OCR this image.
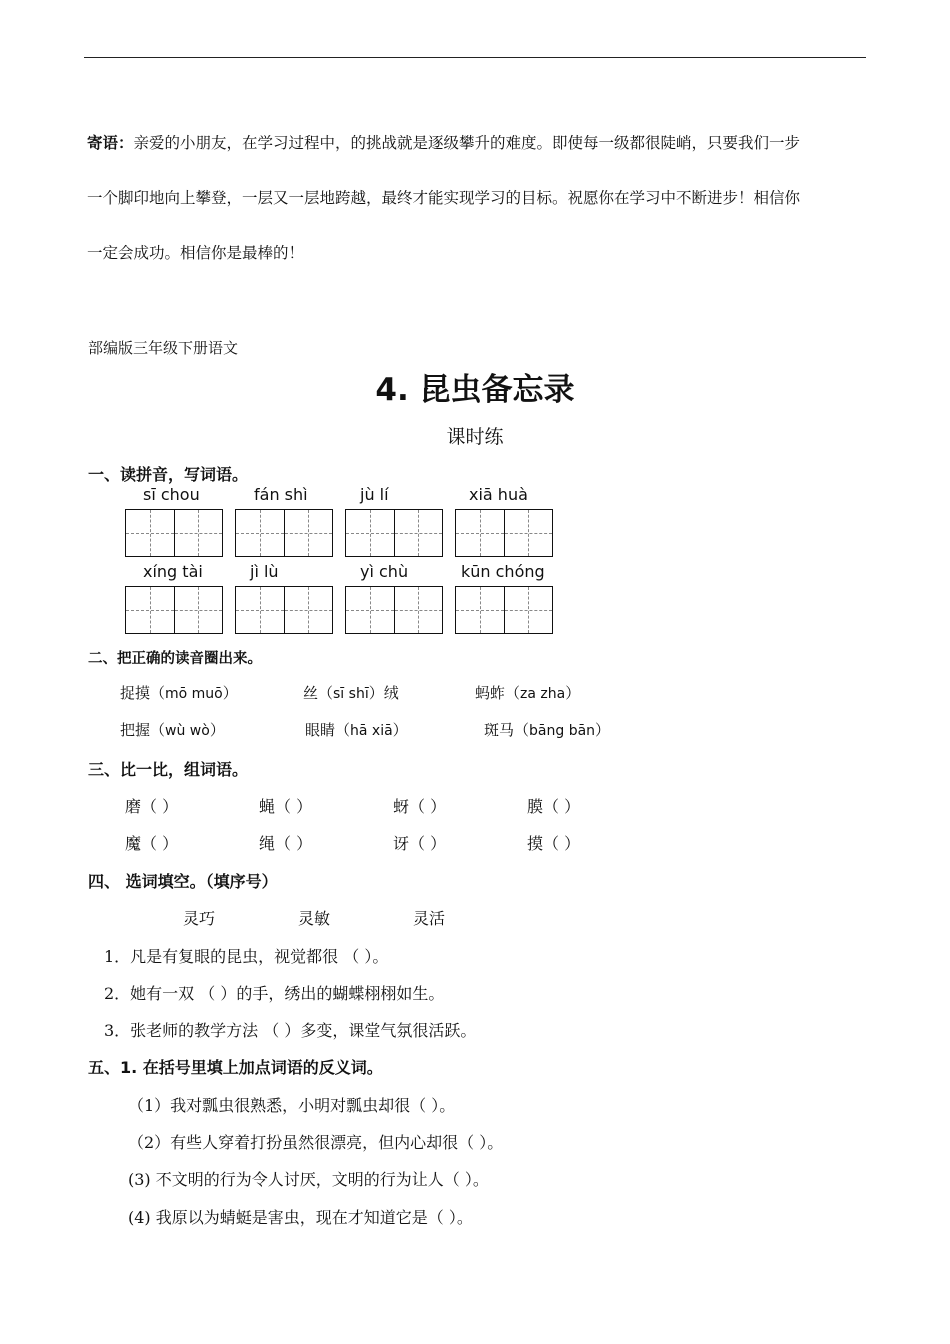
寄语：亲爱的小朋友，在学习过程中，的挑战就是逐级攀升的难度。即使每一级都很陡峭，只要我们一步
一个脚印地向上攀登，一层又一层地跨越，最终才能实现学习的目标。祝愿你在学习中不断进步！相信你
一定会成功。相信你是最棒的！
部编版三年级下册语文
4. 昆虫备忘录
课时练
一、读拼音，写词语。
sī chou	fán shì	jù lí	xiā huà
xíng tài	jì lù	yì chù	kūn chóng
二、把正确的读音圈出来。
捉摸（mō muō）	丝（sī shī）绒	蚂蚱（za zha）
把握（wù wò）	眼睛（hā xiā）	斑马（bāng bān）
三、比一比，组词语。
磨（ ）	蝇（ ）	蚜（ ）	膜（ ）
魔（ ）	绳（ ）	讶（ ）	摸（ ）
四、 选词填空。（填序号）
灵巧	灵敏	灵活
1．凡是有复眼的昆虫，视觉都很 （ ）。
2．她有一双 （ ）的手，绣出的蝴蝶栩栩如生。
3．张老师的教学方法 （ ）多变，课堂气氛很活跃。
五、1. 在括号里填上加点词语的反义词。
（1）我对瓢虫很熟悉，小明对瓢虫却很（ ）。
（2）有些人穿着打扮虽然很漂亮，但内心却很（ ）。
(3) 不文明的行为令人讨厌，文明的行为让人（ ）。
(4) 我原以为蜻蜓是害虫，现在才知道它是（ ）。
